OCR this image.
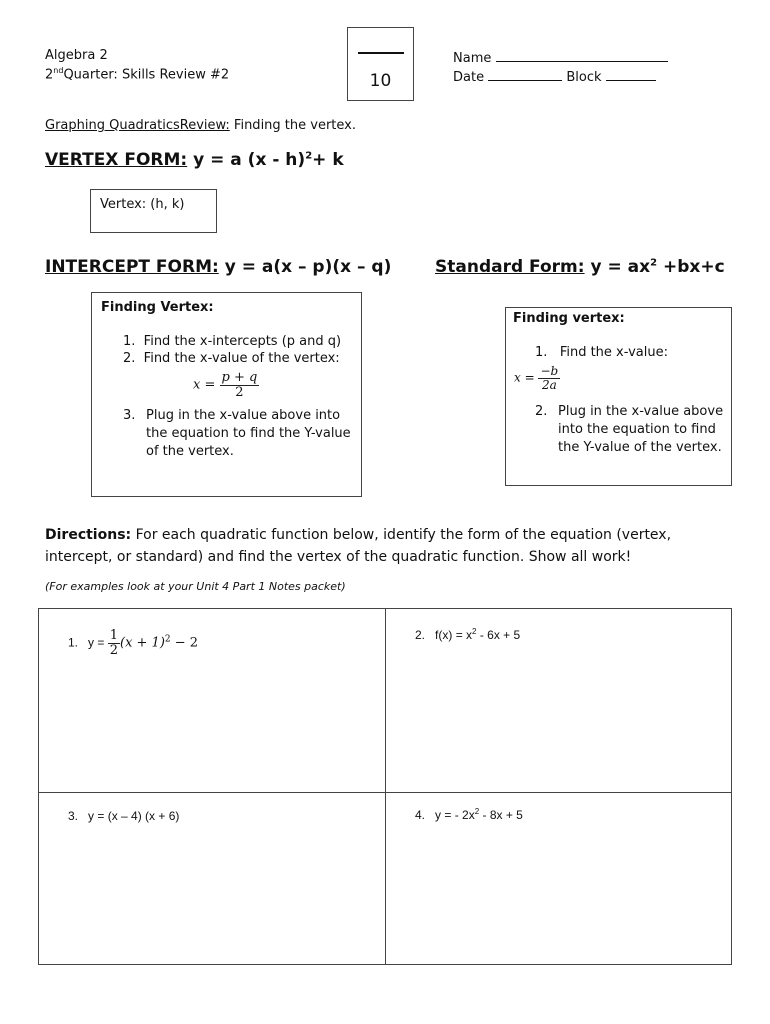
Algebra 2
2ndQuarter: Skills Review #2	10
Name
Date	Block
Graphing QuadraticsReview: Finding the vertex.
VERTEX FORM: y = a (x - h)$^2$+ k
Vertex: (h, k)
INTERCEPT FORM: y = a(x – p)(x – q)
Finding Vertex:
1.  Find the x-intercepts (p and q)
2.  Find the x-value of the vertex:
$x = \frac{p + q}{2}$
3. Plug in the x-value above into the equation to find the Y-value of the vertex.
Standard Form: $y = ax^2 +bx+c$
Finding vertex:
1.   Find the x-value:
$x = \frac{-b}{2a}$
2. Plug in the x-value above into the equation to find the Y-value of the vertex.
Directions: For each quadratic function below, identify the form of the equation (vertex, intercept, or standard) and find the vertex of the quadratic function. Show all work!
(For examples look at your Unit 4 Part 1 Notes packet)
1. $y = \frac{1}{2} (x + 1)^2 - 2$
2. $f(x) = x^2 - 6x + 5$
3. y = (x – 4) (x + 6)	4. y = - $2x^2 - 8x + 5$
